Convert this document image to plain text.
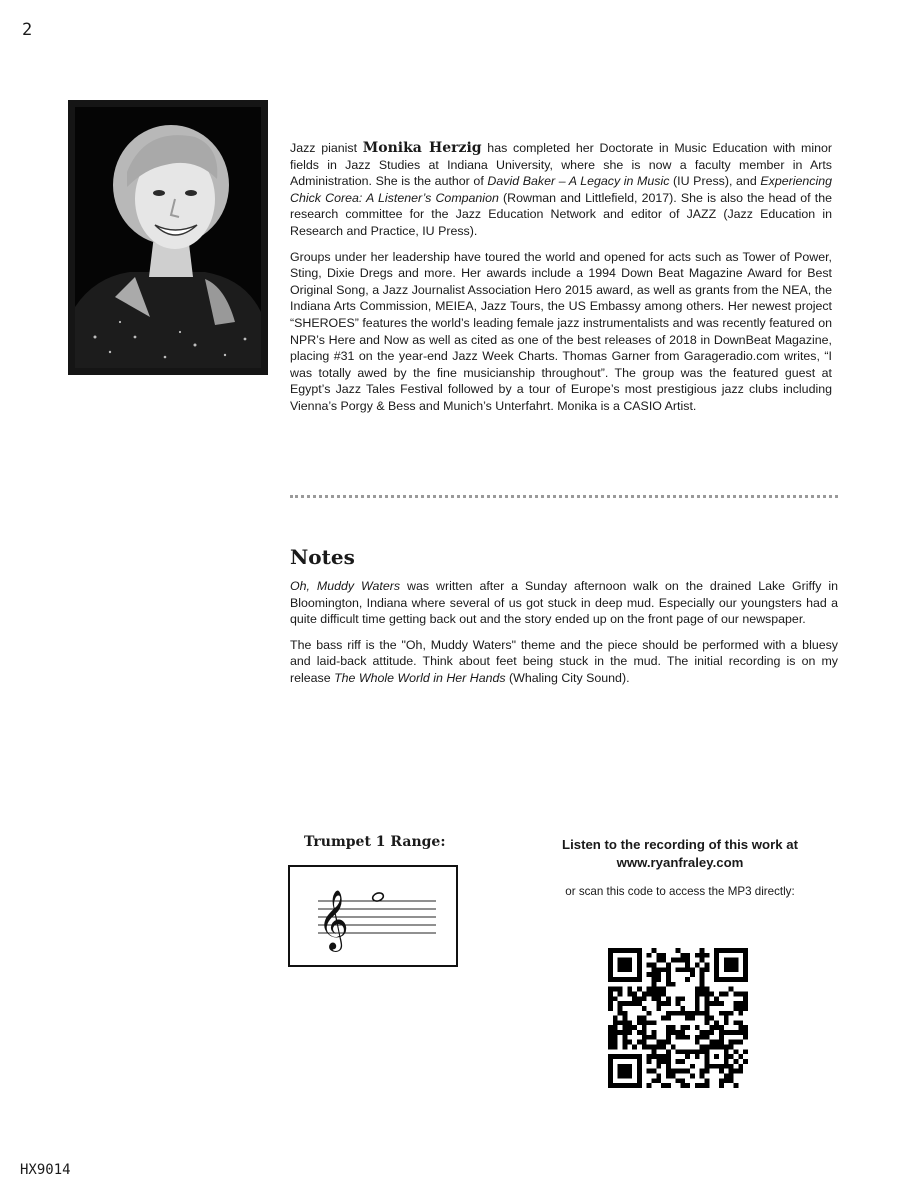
2

Jazz pianist Monika Herzig has completed her Doctorate in Music Education with minor fields in Jazz Studies at Indiana University, where she is now a faculty member in Arts Administration. She is the author of David Baker – A Legacy in Music (IU Press), and Experiencing Chick Corea: A Listener’s Companion (Rowman and Littlefield, 2017). She is also the head of the research committee for the Jazz Education Network and editor of JAZZ (Jazz Education in Research and Practice, IU Press).

Groups under her leadership have toured the world and opened for acts such as Tower of Power, Sting, Dixie Dregs and more. Her awards include a 1994 Down Beat Magazine Award for Best Original Song, a Jazz Journalist Association Hero 2015 award, as well as grants from the NEA, the Indiana Arts Commission, MEIEA, Jazz Tours, the US Embassy among others. Her newest project “SHEROES” features the world’s leading female jazz instrumentalists and was recently featured on NPR’s Here and Now as well as cited as one of the best releases of 2018 in DownBeat Magazine, placing #31 on the year-end Jazz Week Charts. Thomas Garner from Garageradio.com writes, “I was totally awed by the fine musicianship throughout”. The group was the featured guest at Egypt’s Jazz Tales Festival followed by a tour of Europe’s most prestigious jazz clubs including Vienna’s Porgy & Bess and Munich’s Unterfahrt. Monika is a CASIO Artist.

Notes

Oh, Muddy Waters was written after a Sunday afternoon walk on the drained Lake Griffy in Bloomington, Indiana where several of us got stuck in deep mud. Especially our youngsters had a quite difficult time getting back out and the story ended up on the front page of our newspaper.

The bass riff is the "Oh, Muddy Waters" theme and the piece should be performed with a bluesy and laid-back attitude. Think about feet being stuck in the mud. The initial recording is on my release The Whole World in Her Hands (Whaling City Sound).

Trumpet 1 Range:
𝄞

Listen to the recording of this work at www.ryanfraley.com

or scan this code to access the MP3 directly:

HX9014
